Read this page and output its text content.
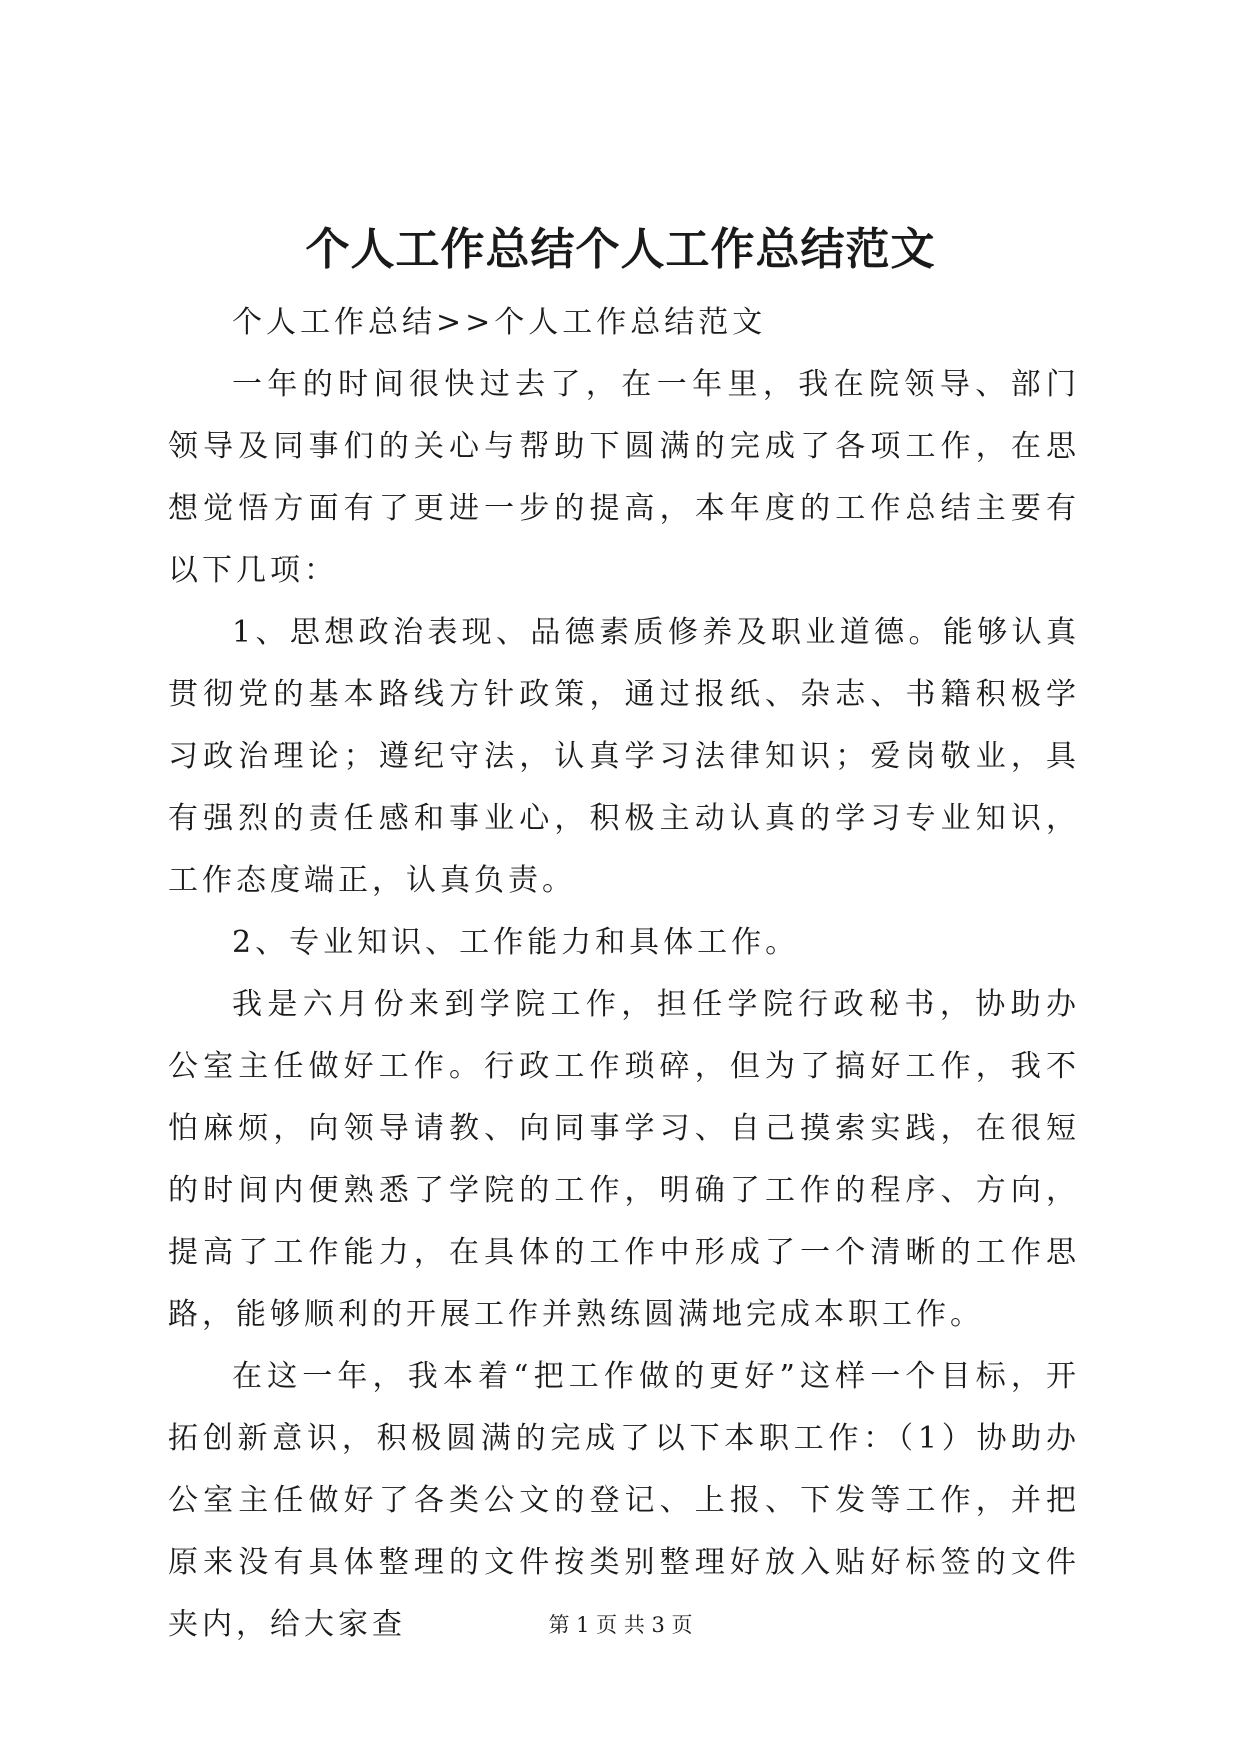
个人工作总结个人工作总结范文

个人工作总结>>个人工作总结范文

一年的时间很快过去了，在一年里，我在院领导、部门领导及同事们的关心与帮助下圆满的完成了各项工作，在思想觉悟方面有了更进一步的提高，本年度的工作总结主要有以下几项：

1、思想政治表现、品德素质修养及职业道德。能够认真贯彻党的基本路线方针政策，通过报纸、杂志、书籍积极学习政治理论；遵纪守法，认真学习法律知识；爱岗敬业，具有强烈的责任感和事业心，积极主动认真的学习专业知识，工作态度端正，认真负责。

2、专业知识、工作能力和具体工作。

我是六月份来到学院工作，担任学院行政秘书，协助办公室主任做好工作。行政工作琐碎，但为了搞好工作，我不怕麻烦，向领导请教、向同事学习、自己摸索实践，在很短的时间内便熟悉了学院的工作，明确了工作的程序、方向，提高了工作能力，在具体的工作中形成了一个清晰的工作思路，能够顺利的开展工作并熟练圆满地完成本职工作。

在这一年，我本着“把工作做的更好”这样一个目标，开拓创新意识，积极圆满的完成了以下本职工作：（1）协助办公室主任做好了各类公文的登记、上报、下发等工作，并把原来没有具体整理的文件按类别整理好放入贴好标签的文件夹内，给大家查	第 1 页 共 3 页
